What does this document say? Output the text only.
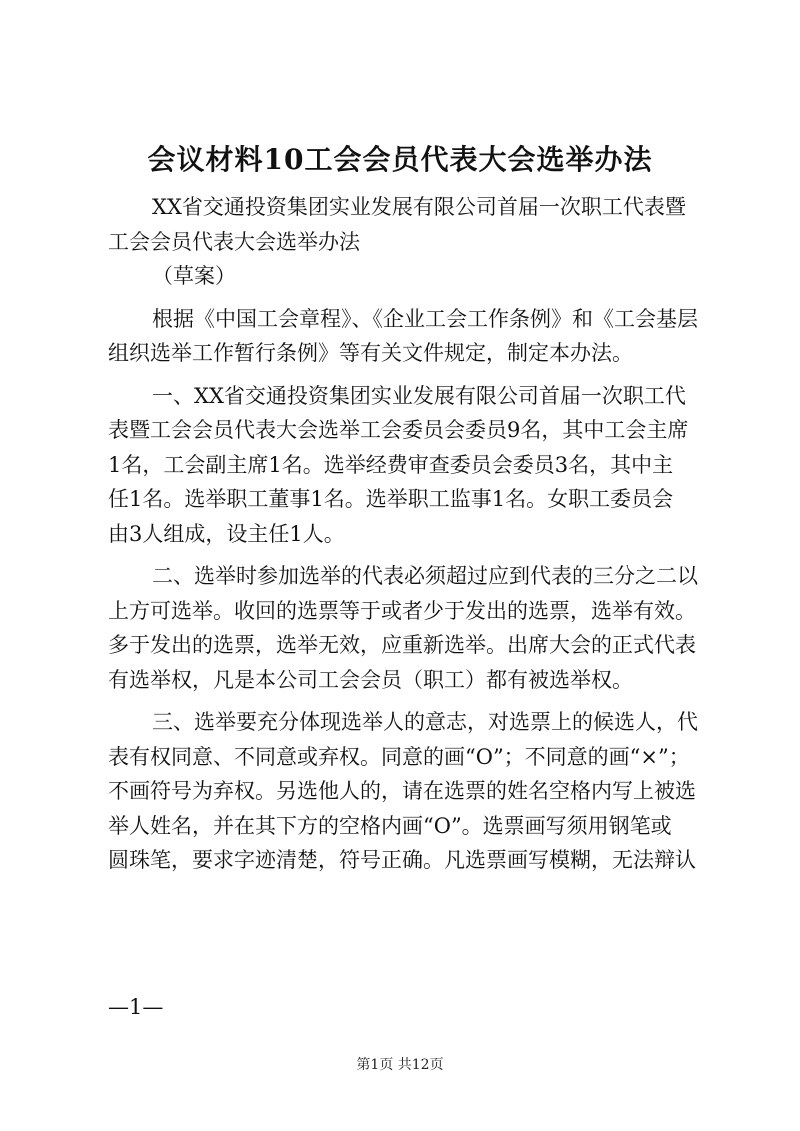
会议材料10工会会员代表大会选举办法
XX省交通投资集团实业发展有限公司首届一次职工代表暨
工会会员代表大会选举办法
（草案）
根据《中国工会章程》、《企业工会工作条例》和《工会基层
组织选举工作暂行条例》等有关文件规定，制定本办法。
一、XX省交通投资集团实业发展有限公司首届一次职工代
表暨工会会员代表大会选举工会委员会委员9名，其中工会主席
1名，工会副主席1名。选举经费审查委员会委员3名，其中主
任1名。选举职工董事1名。选举职工监事1名。女职工委员会
由3人组成，设主任1人。
二、选举时参加选举的代表必须超过应到代表的三分之二以
上方可选举。收回的选票等于或者少于发出的选票，选举有效。
多于发出的选票，选举无效，应重新选举。出席大会的正式代表
有选举权，凡是本公司工会会员（职工）都有被选举权。
三、选举要充分体现选举人的意志，对选票上的候选人，代
表有权同意、不同意或弃权。同意的画“O”；不同意的画“×”；
不画符号为弃权。另选他人的，请在选票的姓名空格内写上被选
举人姓名，并在其下方的空格内画“O”。选票画写须用钢笔或
圆珠笔，要求字迹清楚，符号正确。凡选票画写模糊，无法辩认
—1—
第1页 共12页
